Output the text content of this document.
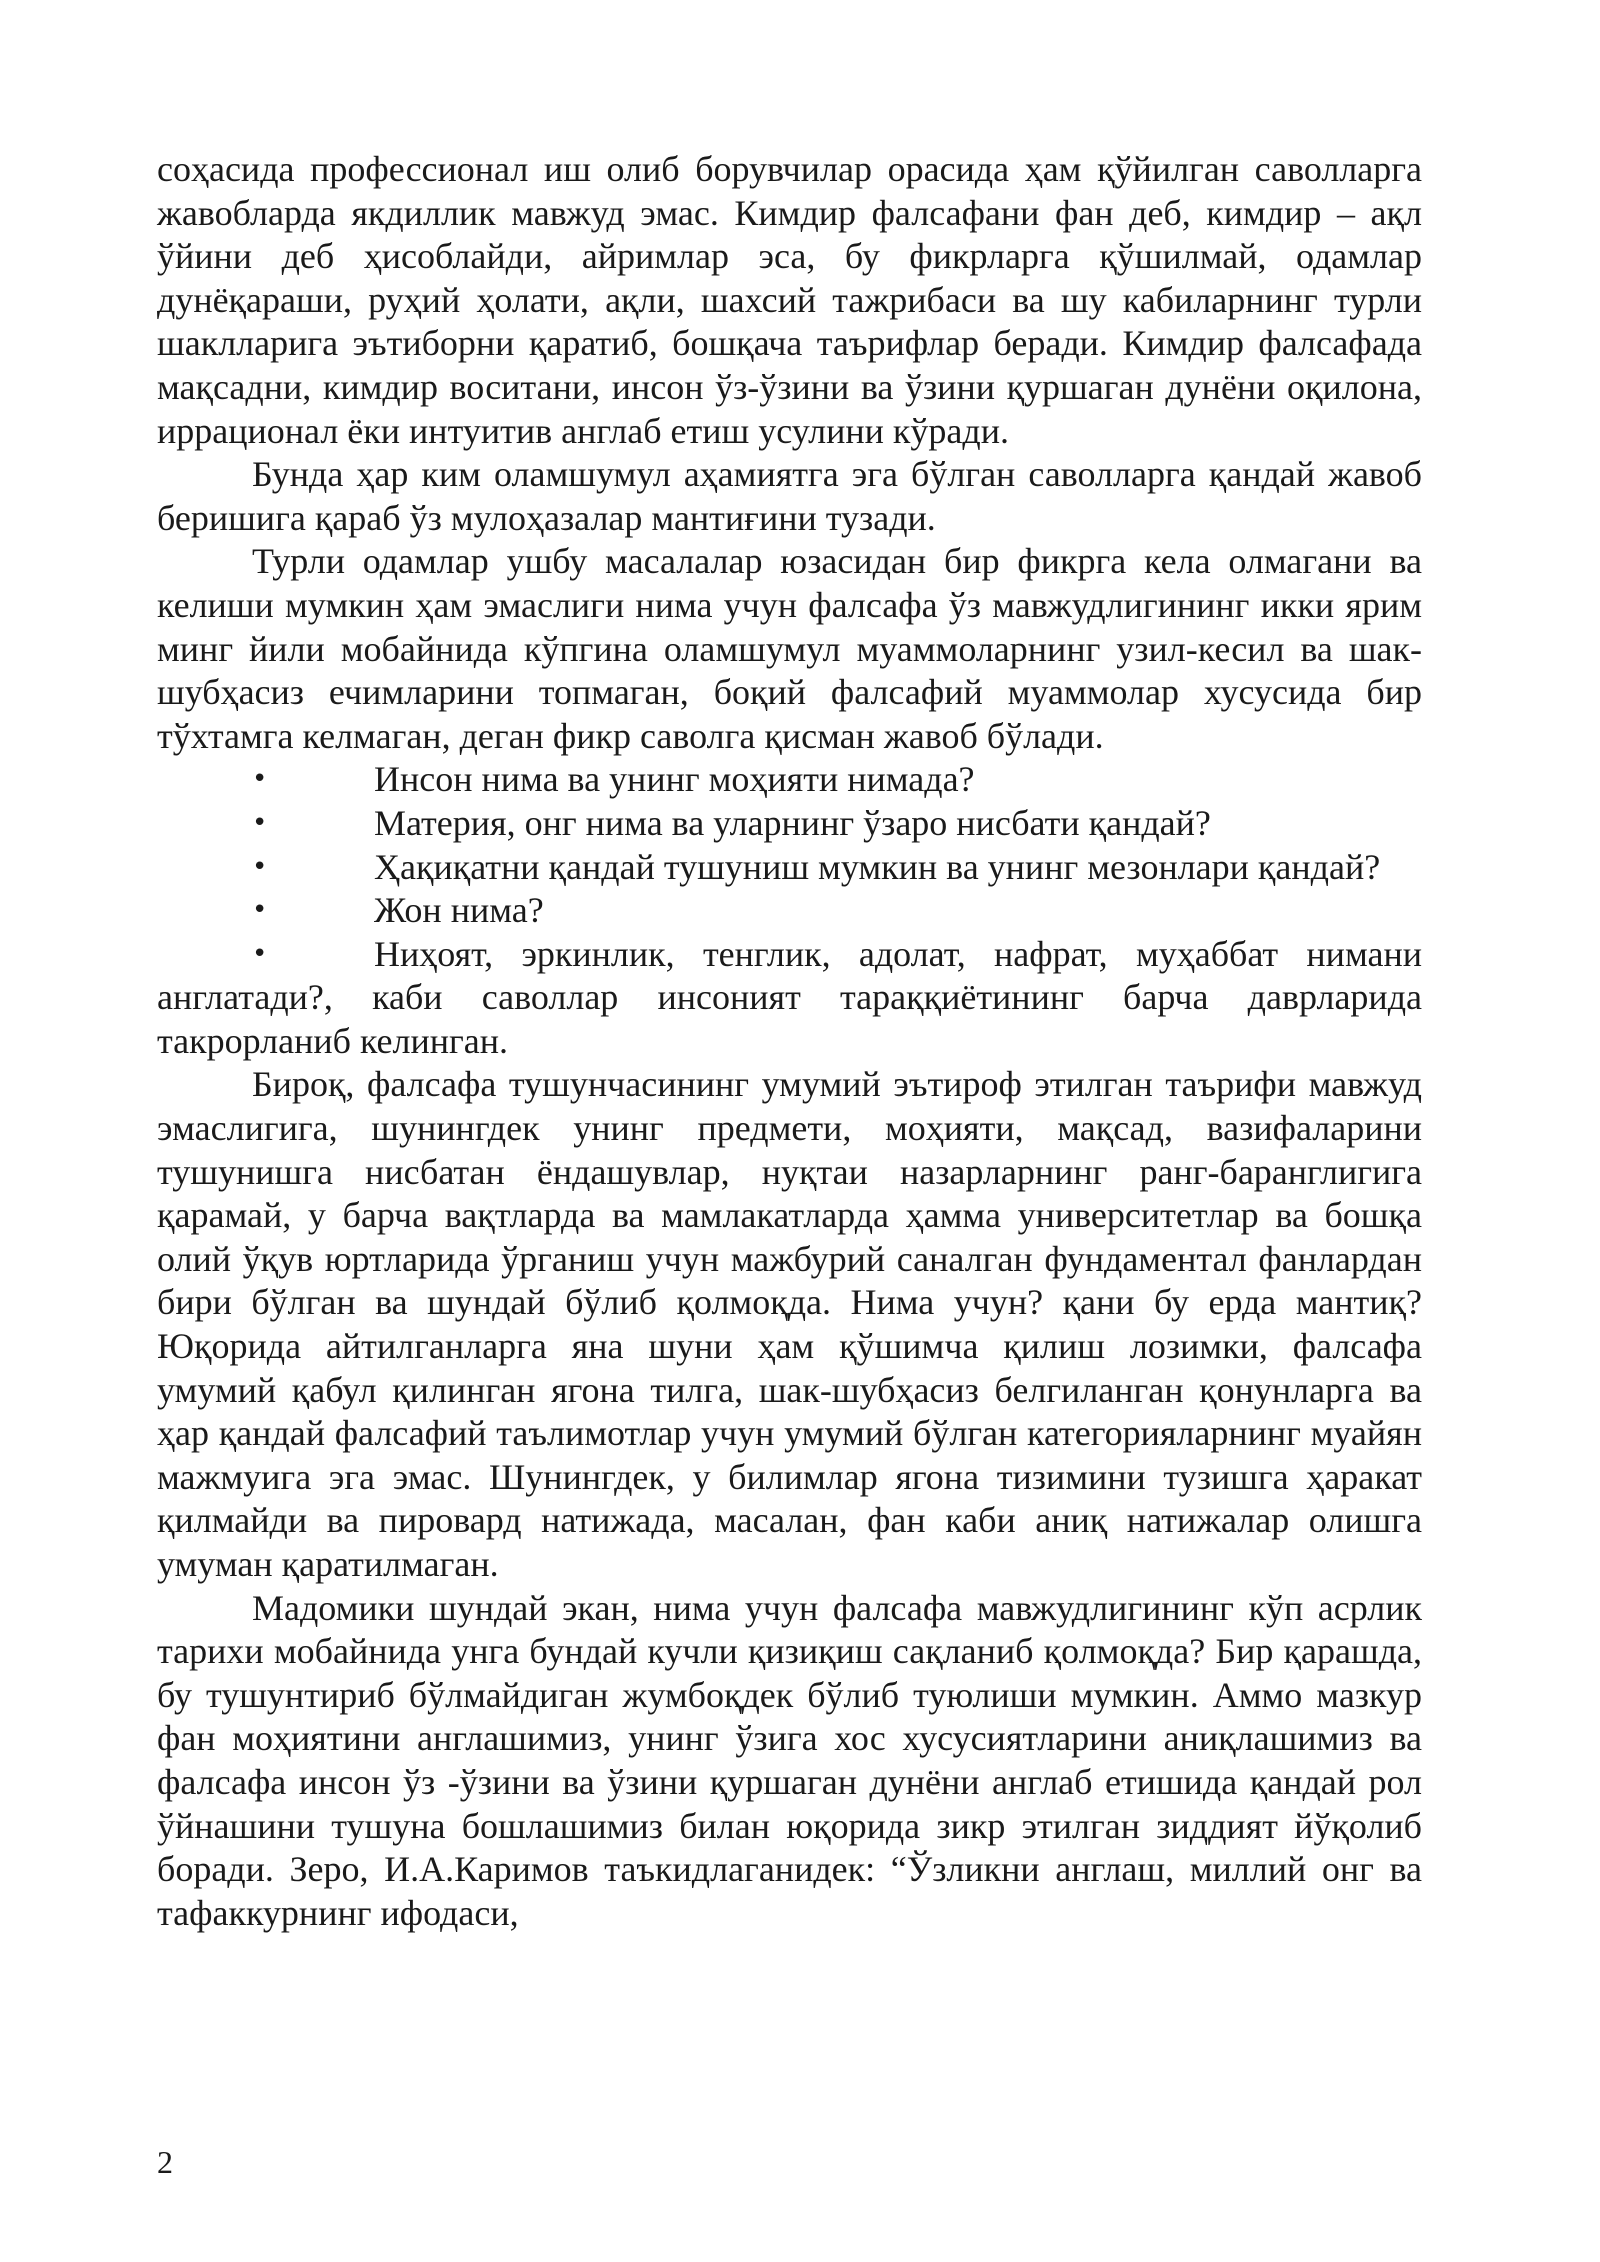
соҳасида профессионал иш олиб борувчилар орасида ҳам қўйилган саволларга жавобларда якдиллик мавжуд эмас. Кимдир фалсафани фан деб, кимдир – ақл ўйини деб ҳисоблайди, айримлар эса, бу фикрларга қўшилмай, одамлар дунёқараши, руҳий ҳолати, ақли, шахсий тажрибаси ва шу кабиларнинг турли шаклларига эътиборни қаратиб, бошқача таърифлар беради. Кимдир фалсафада мақсадни, кимдир воситани, инсон ўз-ўзини ва ўзини қуршаган дунёни оқилона, иррационал ёки интуитив англаб етиш усулини кўради.

Бунда ҳар ким оламшумул аҳамиятга эга бўлган саволларга қандай жавоб беришига қараб ўз мулоҳазалар мантиғини тузади.

Турли одамлар ушбу масалалар юзасидан бир фикрга кела олмагани ва келиши мумкин ҳам эмаслиги нима учун фалсафа ўз мавжудлигининг икки ярим минг йили мобайнида кўпгина оламшумул муаммоларнинг узил-кесил ва шак-шубҳасиз ечимларини топмаган, боқий фалсафий муаммолар хусусида бир тўхтамга келмаган, деган фикр саволга қисман жавоб бўлади.

•	Инсон нима ва унинг моҳияти нимада?

•	Материя, онг нима ва уларнинг ўзаро нисбати қандай?

•	Ҳақиқатни қандай тушуниш мумкин ва унинг мезонлари қандай?

•	Жон нима?

•	Ниҳоят, эркинлик, тенглик, адолат, нафрат, муҳаббат нимани англатади?, каби саволлар инсоният тараққиётининг барча даврларида такрорланиб келинган.

Бироқ, фалсафа тушунчасининг умумий эътироф этилган таърифи мавжуд эмаслигига, шунингдек унинг предмети, моҳияти, мақсад, вазифаларини тушунишга нисбатан ёндашувлар, нуқтаи назарларнинг ранг-баранглигига қарамай, у барча вақтларда ва мамлакатларда ҳамма университетлар ва бошқа олий ўқув юртларида ўрганиш учун мажбурий саналган фундаментал фанлардан бири бўлган ва шундай бўлиб қолмоқда. Нима учун? қани бу ерда мантиқ? Юқорида айтилганларга яна шуни ҳам қўшимча қилиш лозимки, фалсафа умумий қабул қилинган ягона тилга, шак-шубҳасиз белгиланган қонунларга ва ҳар қандай фалсафий таълимотлар учун умумий бўлган категорияларнинг муайян мажмуига эга эмас. Шунингдек, у билимлар ягона тизимини тузишга ҳаракат қилмайди ва пировард натижада, масалан, фан каби аниқ натижалар олишга умуман қаратилмаган.

Мадомики шундай экан, нима учун фалсафа мавжудлигининг кўп асрлик тарихи мобайнида унга бундай кучли қизиқиш сақланиб қолмоқда? Бир қарашда, бу тушунтириб бўлмайдиган жумбоқдек бўлиб туюлиши мумкин. Аммо мазкур фан моҳиятини англашимиз, унинг ўзига хос хусусиятларини аниқлашимиз ва фалсафа инсон ўз -ўзини ва ўзини қуршаган дунёни англаб етишида қандай рол ўйнашини тушуна бошлашимиз билан юқорида зикр этилган зиддият йўқолиб боради. Зеро, И.А.Каримов таъкидлаганидек: “Ўзликни англаш, миллий онг ва тафаккурнинг ифодаси,

2
